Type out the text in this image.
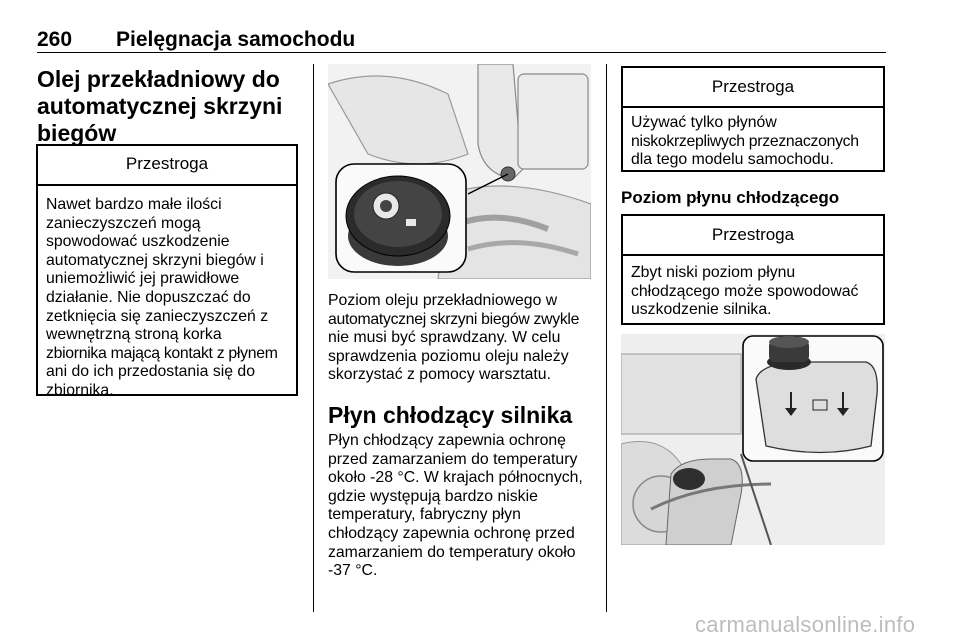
260 Pielęgnacja samochodu
Olej przekładniowy do
automatycznej skrzyni
biegów
Przestroga
Nawet bardzo małe ilości
zanieczyszczeń mogą
spowodować uszkodzenie
automatycznej skrzyni biegów i
uniemożliwić jej prawidłowe
działanie. Nie dopuszczać do
zetknięcia się zanieczyszczeń z
wewnętrzną stroną korka
zbiornika mającą kontakt z płynem
ani do ich przedostania się do
zbiornika.
Poziom oleju przekładniowego w
automatycznej skrzyni biegów zwykle
nie musi być sprawdzany. W celu
sprawdzenia poziomu oleju należy
skorzystać z pomocy warsztatu.
Płyn chłodzący silnika
Płyn chłodzący zapewnia ochronę
przed zamarzaniem do temperatury
około -28 °C. W krajach północnych,
gdzie występują bardzo niskie
temperatury, fabryczny płyn
chłodzący zapewnia ochronę przed
zamarzaniem do temperatury około
-37 °C.
Przestroga
Używać tylko płynów
niskokrzepliwych przeznaczonych
dla tego modelu samochodu.
Poziom płynu chłodzącego
Przestroga
Zbyt niski poziom płynu
chłodzącego może spowodować
uszkodzenie silnika.
carmanualsonline.info
